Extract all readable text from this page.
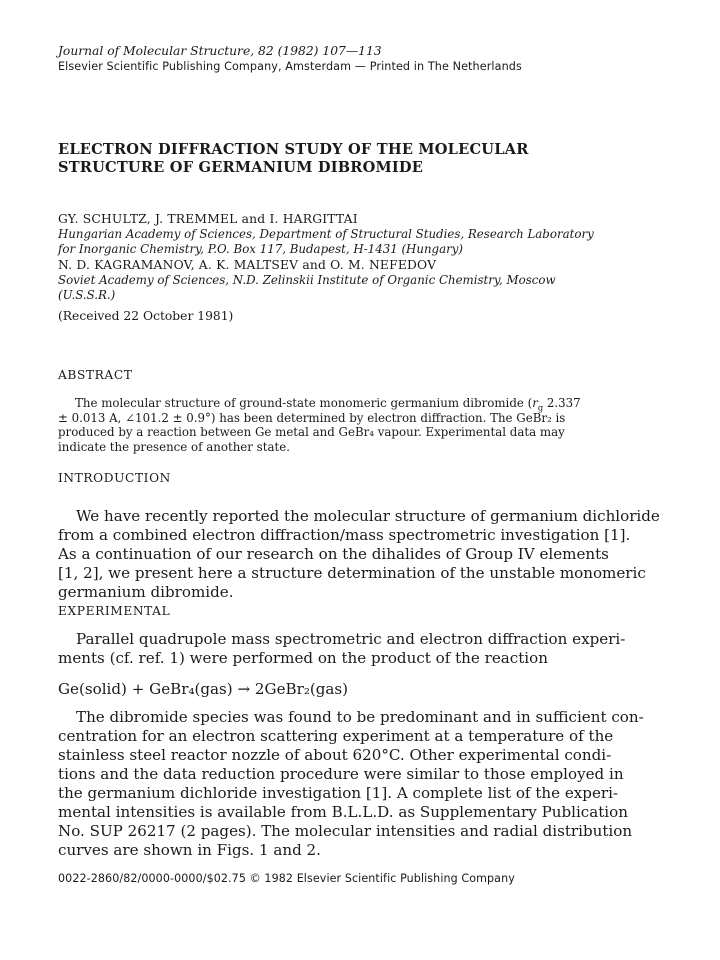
Journal of Molecular Structure, 82 (1982) 107—113
Elsevier Scientific Publishing Company, Amsterdam — Printed in The Netherlands
ELECTRON DIFFRACTION STUDY OF THE MOLECULAR
STRUCTURE OF GERMANIUM DIBROMIDE
GY. SCHULTZ, J. TREMMEL and I. HARGITTAI
Hungarian Academy of Sciences, Department of Structural Studies, Research Laboratory
for Inorganic Chemistry, P.O. Box 117, Budapest, H-1431 (Hungary)
N. D. KAGRAMANOV, A. K. MALTSEV and O. M. NEFEDOV
Soviet Academy of Sciences, N.D. Zelinskii Institute of Organic Chemistry, Moscow
(U.S.S.R.)
(Received 22 October 1981)
ABSTRACT
The molecular structure of ground-state monomeric germanium dibromide ($r_g$ 2.337
± 0.013 A, ∠101.2 ± 0.9°) has been determined by electron diffraction. The GeBr₂ is
produced by a reaction between Ge metal and GeBr₄ vapour. Experimental data may
indicate the presence of another state.
INTRODUCTION
We have recently reported the molecular structure of germanium dichloride
from a combined electron diffraction/mass spectrometric investigation [1].
As a continuation of our research on the dihalides of Group IV elements
[1, 2], we present here a structure determination of the unstable monomeric
germanium dibromide.
EXPERIMENTAL
Parallel quadrupole mass spectrometric and electron diffraction experi-
ments (cf. ref. 1) were performed on the product of the reaction
Ge(solid) + GeBr₄(gas) → 2GeBr₂(gas)
The dibromide species was found to be predominant and in sufficient con-
centration for an electron scattering experiment at a temperature of the
stainless steel reactor nozzle of about 620°C. Other experimental condi-
tions and the data reduction procedure were similar to those employed in
the germanium dichloride investigation [1]. A complete list of the experi-
mental intensities is available from B.L.L.D. as Supplementary Publication
No. SUP 26217 (2 pages). The molecular intensities and radial distribution
curves are shown in Figs. 1 and 2.
0022-2860/82/0000-0000/$02.75 © 1982 Elsevier Scientific Publishing Company
